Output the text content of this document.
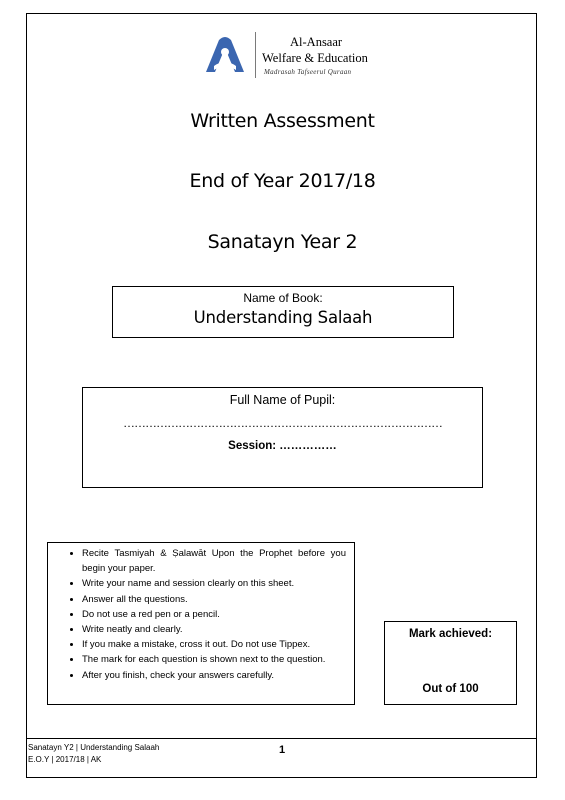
Al-Ansaar
Welfare & Education
Madrasah Tafseerul Quraan
Written Assessment
End of Year 2017/18
Sanatayn Year 2
Name of Book:
Understanding Salaah
Full Name of Pupil:
……………………………………………………………………………
Session: ……………
• Recite Tasmiyah & Ṣalawāt Upon the Prophet before you begin your paper.
• Write your name and session clearly on this sheet.
• Answer all the questions.
• Do not use a red pen or a pencil.
• Write neatly and clearly.
• If you make a mistake, cross it out. Do not use Tippex.
• The mark for each question is shown next to the question.
• After you finish, check your answers carefully.
Mark achieved:
Out of 100
Sanatayn Y2 | Understanding Salaah
E.O.Y | 2017/18 | AK
1
